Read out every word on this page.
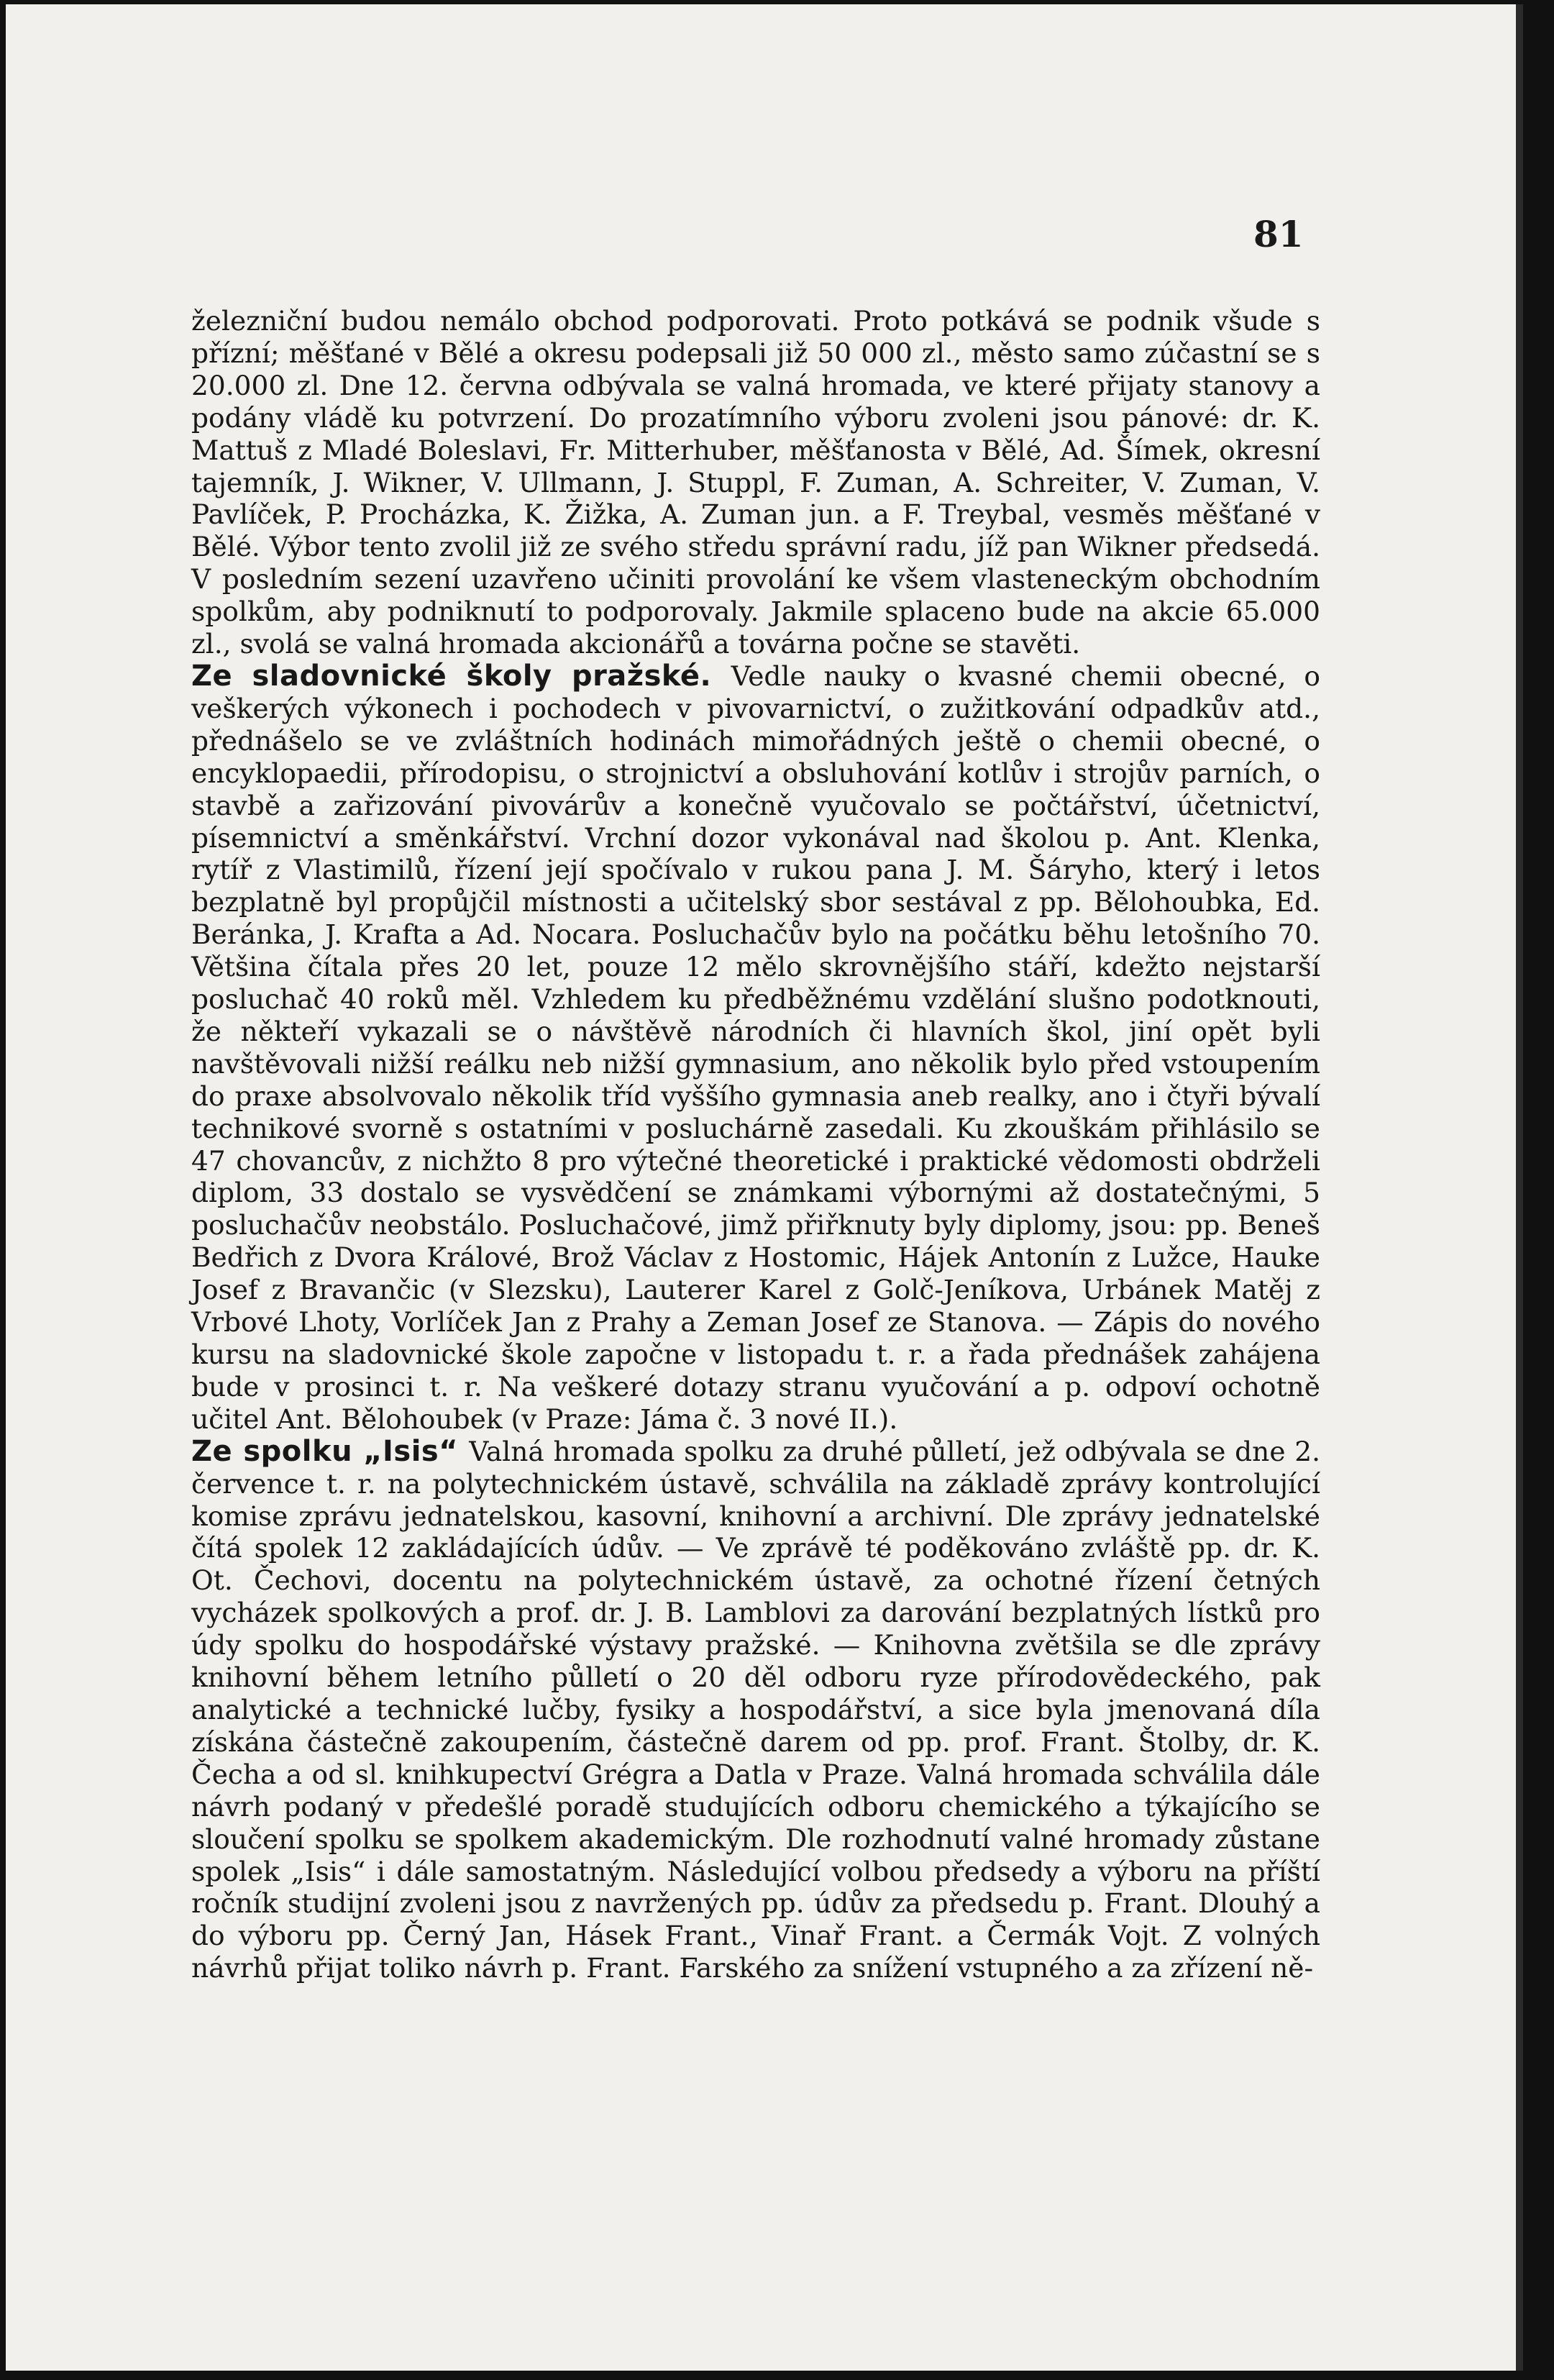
81

železniční budou nemálo obchod podporovati. Proto potkává se podnik všude s přízní; měšťané v Bělé a okresu podepsali již 50 000 zl., město samo zúčastní se s 20.000 zl. Dne 12. června odbývala se valná hromada, ve které přijaty stanovy a podány vládě ku potvrzení. Do prozatímního výboru zvoleni jsou pánové: dr. K. Mattuš z Mladé Boleslavi, Fr. Mitterhuber, měšťanosta v Bělé, Ad. Šímek, okresní tajemník, J. Wikner, V. Ullmann, J. Stuppl, F. Zuman, A. Schreiter, V. Zuman, V. Pavlíček, P. Procházka, K. Žižka, A. Zuman jun. a F. Treybal, vesměs měšťané v Bělé. Výbor tento zvolil již ze svého středu správní radu, jíž pan Wikner předsedá. V posledním sezení uzavřeno učiniti provolání ke všem vlasteneckým obchodním spolkům, aby podniknutí to podporovaly. Jakmile splaceno bude na akcie 65.000 zl., svolá se valná hromada akcionářů a továrna počne se stavěti.

Ze sladovnické školy pražské. Vedle nauky o kvasné chemii obecné, o veškerých výkonech i pochodech v pivovarnictví, o zužitkování odpadkův atd., přednášelo se ve zvláštních hodinách mimořádných ještě o chemii obecné, o encyklopaedii, přírodopisu, o strojnictví a obsluhování kotlův i strojův parních, o stavbě a zařizování pivovárův a konečně vyučovalo se počtářství, účetnictví, písemnictví a směnkářství. Vrchní dozor vykonával nad školou p. Ant. Klenka, rytíř z Vlastimilů, řízení její spočívalo v rukou pana J. M. Šáryho, který i letos bezplatně byl propůjčil místnosti a učitelský sbor sestával z pp. Bělohoubka, Ed. Beránka, J. Krafta a Ad. Nocara. Posluchačův bylo na počátku běhu letošního 70. Většina čítala přes 20 let, pouze 12 mělo skrovnějšího stáří, kdežto nejstarší posluchač 40 roků měl. Vzhledem ku předběžnému vzdělání slušno podotknouti, že někteří vykazali se o návštěvě národních či hlavních škol, jiní opět byli navštěvovali nižší reálku neb nižší gymnasium, ano několik bylo před vstoupením do praxe absolvovalo několik tříd vyššího gymnasia aneb realky, ano i čtyři bývalí technikové svorně s ostatními v posluchárně zasedali. Ku zkouškám přihlásilo se 47 chovancův, z nichžto 8 pro výtečné theoretické i praktické vědomosti obdrželi diplom, 33 dostalo se vysvědčení se známkami výbornými až dostatečnými, 5 posluchačův neobstálo. Posluchačové, jimž přiřknuty byly diplomy, jsou: pp. Beneš Bedřich z Dvora Králové, Brož Václav z Hostomic, Hájek Antonín z Lužce, Hauke Josef z Bravančic (v Slezsku), Lauterer Karel z Golč-Jeníkova, Urbánek Matěj z Vrbové Lhoty, Vorlíček Jan z Prahy a Zeman Josef ze Stanova. — Zápis do nového kursu na sladovnické škole započne v listopadu t. r. a řada přednášek zahájena bude v prosinci t. r. Na veškeré dotazy stranu vyučování a p. odpoví ochotně učitel Ant. Bělohoubek (v Praze: Jáma č. 3 nové II.).

Ze spolku „Isis“ Valná hromada spolku za druhé půlletí, jež odbývala se dne 2. července t. r. na polytechnickém ústavě, schválila na základě zprávy kontrolující komise zprávu jednatelskou, kasovní, knihovní a archivní. Dle zprávy jednatelské čítá spolek 12 zakládajících údův. — Ve zprávě té poděkováno zvláště pp. dr. K. Ot. Čechovi, docentu na polytechnickém ústavě, za ochotné řízení četných vycházek spolkových a prof. dr. J. B. Lamblovi za darování bezplatných lístků pro údy spolku do hospodářské výstavy pražské. — Knihovna zvětšila se dle zprávy knihovní během letního půlletí o 20 děl odboru ryze přírodovědeckého, pak analytické a technické lučby, fysiky a hospodářství, a sice byla jmenovaná díla získána částečně zakoupením, částečně darem od pp. prof. Frant. Štolby, dr. K. Čecha a od sl. knihkupectví Grégra a Datla v Praze. Valná hromada schválila dále návrh podaný v předešlé poradě studujících odboru chemického a týkajícího se sloučení spolku se spolkem akademickým. Dle rozhodnutí valné hromady zůstane spolek „Isis“ i dále samostatným. Následující volbou předsedy a výboru na příští ročník studijní zvoleni jsou z navržených pp. údův za předsedu p. Frant. Dlouhý a do výboru pp. Černý Jan, Hásek Frant., Vinař Frant. a Čermák Vojt. Z volných návrhů přijat toliko návrh p. Frant. Farského za snížení vstupného a za zřízení ně-
